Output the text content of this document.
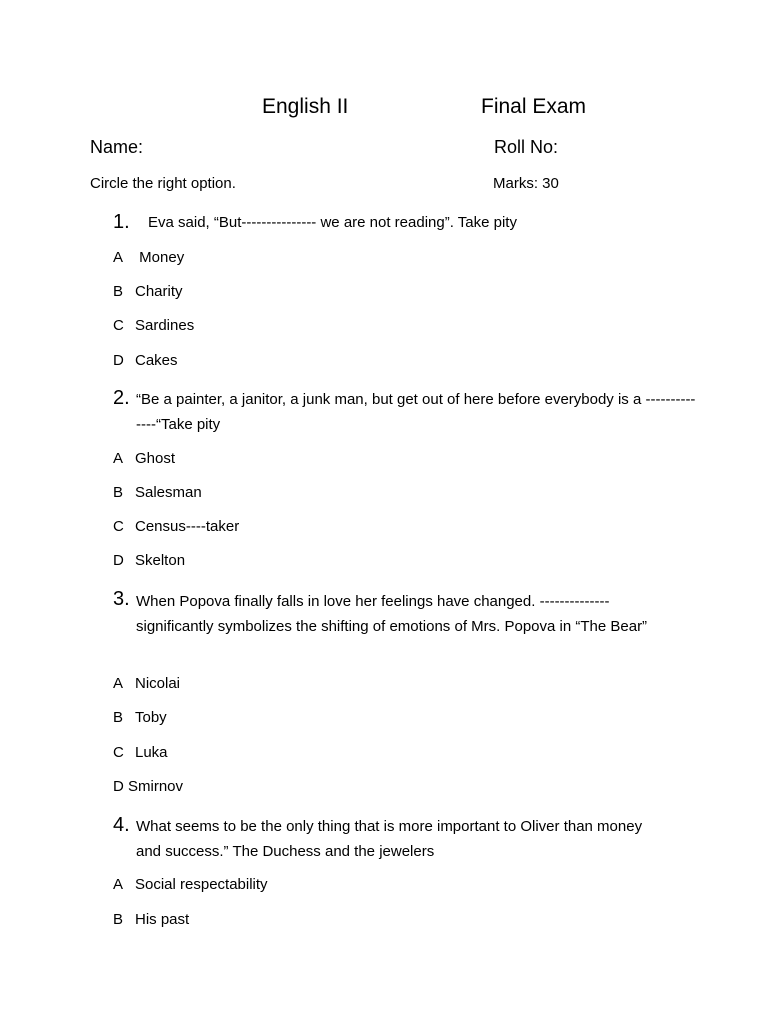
English II	Final Exam
Name:	Roll No:
Circle the right option.	Marks: 30
1. Eva said, “But--------------- we are not reading”. Take pity
A Money
B Charity
C Sardines
D Cakes
2. “Be a painter, a janitor, a junk man, but get out of here before everybody is a --------------“Take pity
A Ghost
B Salesman
C Census----taker
D Skelton
3. When Popova finally falls in love her feelings have changed. -------------- significantly symbolizes the shifting of emotions of Mrs. Popova in “The Bear”
A Nicolai
B Toby
C Luka
D Smirnov
4. What seems to be the only thing that is more important to Oliver than money and success.” The Duchess and the jewelers
A Social respectability
B His past
